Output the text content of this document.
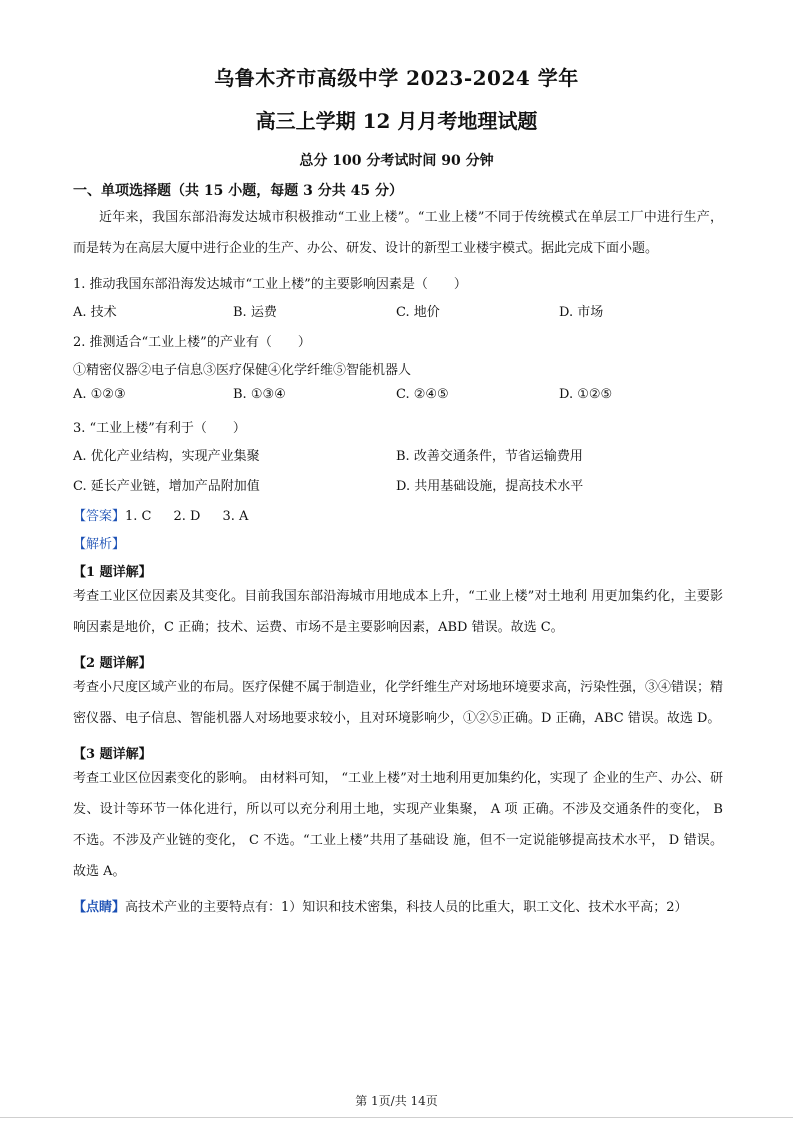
乌鲁木齐市高级中学 2023-2024 学年
高三上学期 12 月月考地理试题
总分 100 分考试时间 90 分钟
一、单项选择题（共 15 小题，每题 3 分共 45 分）
近年来，我国东部沿海发达城市积极推动“工业上楼”。“工业上楼”不同于传统模式在单层工厂中进行生产，而是转为在高层大厦中进行企业的生产、办公、研发、设计的新型工业楼宇模式。据此完成下面小题。
1. 推动我国东部沿海发达城市“工业上楼”的主要影响因素是（　　）
A. 技术	B. 运费	C. 地价	D. 市场
2. 推测适合“工业上楼”的产业有（　　）
①精密仪器②电子信息③医疗保健④化学纤维⑤智能机器人
A. ①②③	B. ①③④	C. ②④⑤	D. ①②⑤
3. “工业上楼”有利于（　　）
A. 优化产业结构，实现产业集聚	B. 改善交通条件，节省运输费用
C. 延长产业链，增加产品附加值	D. 共用基础设施，提高技术水平
【答案】1. C 2. D 3. A
【解析】
【1 题详解】
考查工业区位因素及其变化。目前我国东部沿海城市用地成本上升，“工业上楼”对土地利 用更加集约化，主要影响因素是地价，C 正确；技术、运费、市场不是主要影响因素，ABD 错误。故选 C。
【2 题详解】
考查小尺度区域产业的布局。医疗保健不属于制造业，化学纤维生产对场地环境要求高，污染性强，③④错误；精密仪器、电子信息、智能机器人对场地要求较小，且对环境影响少，①②⑤正确。D 正确，ABC 错误。故选 D。
【3 题详解】
考查工业区位因素变化的影响。 由材料可知， “工业上楼”对土地利用更加集约化，实现了 企业的生产、办公、研发、设计等环节一体化进行，所以可以充分利用土地，实现产业集聚， A 项 正确。不涉及交通条件的变化， B 不选。不涉及产业链的变化， C 不选。“工业上楼”共用了基础设 施，但不一定说能够提高技术水平， D 错误。故选 A。
【点睛】高技术产业的主要特点有：1）知识和技术密集，科技人员的比重大，职工文化、技术水平高；2）
第 1页/共 14页
